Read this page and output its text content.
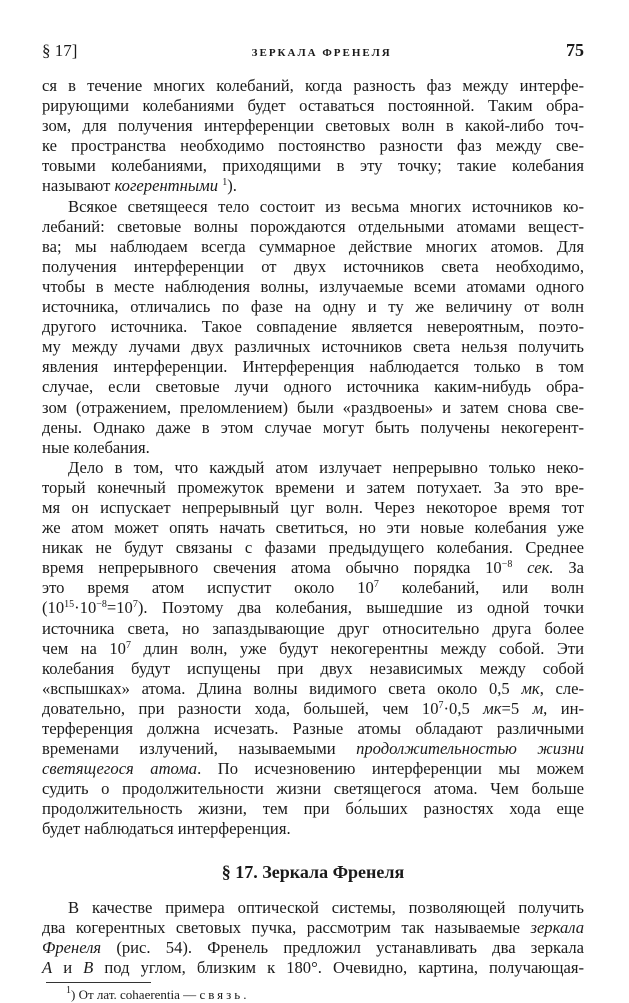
§ 17]	ЗЕРКАЛА ФРЕНЕЛЯ	75

ся в течение многих колебаний, когда разность фаз между интерфе-
рирующими колебаниями будет оставаться постоянной. Таким обра-
зом, для получения интерференции световых волн в какой-либо точ-
ке пространства необходимо постоянство разности фаз между све-
товыми колебаниями, приходящими в эту точку; такие колебания
называют когерентными $^1$).

Всякое светящееся тело состоит из весьма многих источников ко-
лебаний: световые волны порождаются отдельными атомами вещест-
ва; мы наблюдаем всегда суммарное действие многих атомов. Для
получения интерференции от двух источников света необходимо,
чтобы в месте наблюдения волны, излучаемые всеми атомами одного
источника, отличались по фазе на одну и ту же величину от волн
другого источника. Такое совпадение является невероятным, поэто-
му между лучами двух различных источников света нельзя получить
явления интерференции. Интерференция наблюдается только в том
случае, если световые лучи одного источника каким-нибудь обра-
зом (отражением, преломлением) были «раздвоены» и затем снова све-
дены. Однако даже в этом случае могут быть получены некогерент-
ные колебания.

Дело в том, что каждый атом излучает непрерывно только неко-
торый конечный промежуток времени и затем потухает. За это вре-
мя он испускает непрерывный цуг волн. Через некоторое время тот
же атом может опять начать светиться, но эти новые колебания уже
никак не будут связаны с фазами предыдущего колебания. Среднее
время непрерывного свечения атома обычно порядка $10^{-8}$ сек. За
это время атом испустит около $10^7$ колебаний, или волн
$(10^{15}\cdot 10^{-8}=10^7)$. Поэтому два колебания, вышедшие из одной точки
источника света, но запаздывающие друг относительно друга более
чем на $10^7$ длин волн, уже будут некогерентны между собой. Эти
колебания будут испущены при двух независимых между собой
«вспышках» атома. Длина волны видимого света около 0,5 мк, сле-
довательно, при разности хода, большей, чем $10^7\cdot 0,5$ мк=5 м, ин-
терференция должна исчезать. Разные атомы обладают различными
временами излучений, называемыми продолжительностью жизни
светящегося атома. По исчезновению интерференции мы можем
судить о продолжительности жизни светящегося атома. Чем больше
продолжительность жизни, тем при бо́льших разностях хода еще
будет наблюдаться интерференция.

§ 17. Зеркала Френеля

В качестве примера оптической системы, позволяющей получить
два когерентных световых пучка, рассмотрим так называемые зеркала
Френеля (рис. 54). Френель предложил устанавливать два зеркала
А и В под углом, близким к 180°. Очевидно, картина, получающая-

$^1$) От лат. cohaerentia — связь.
